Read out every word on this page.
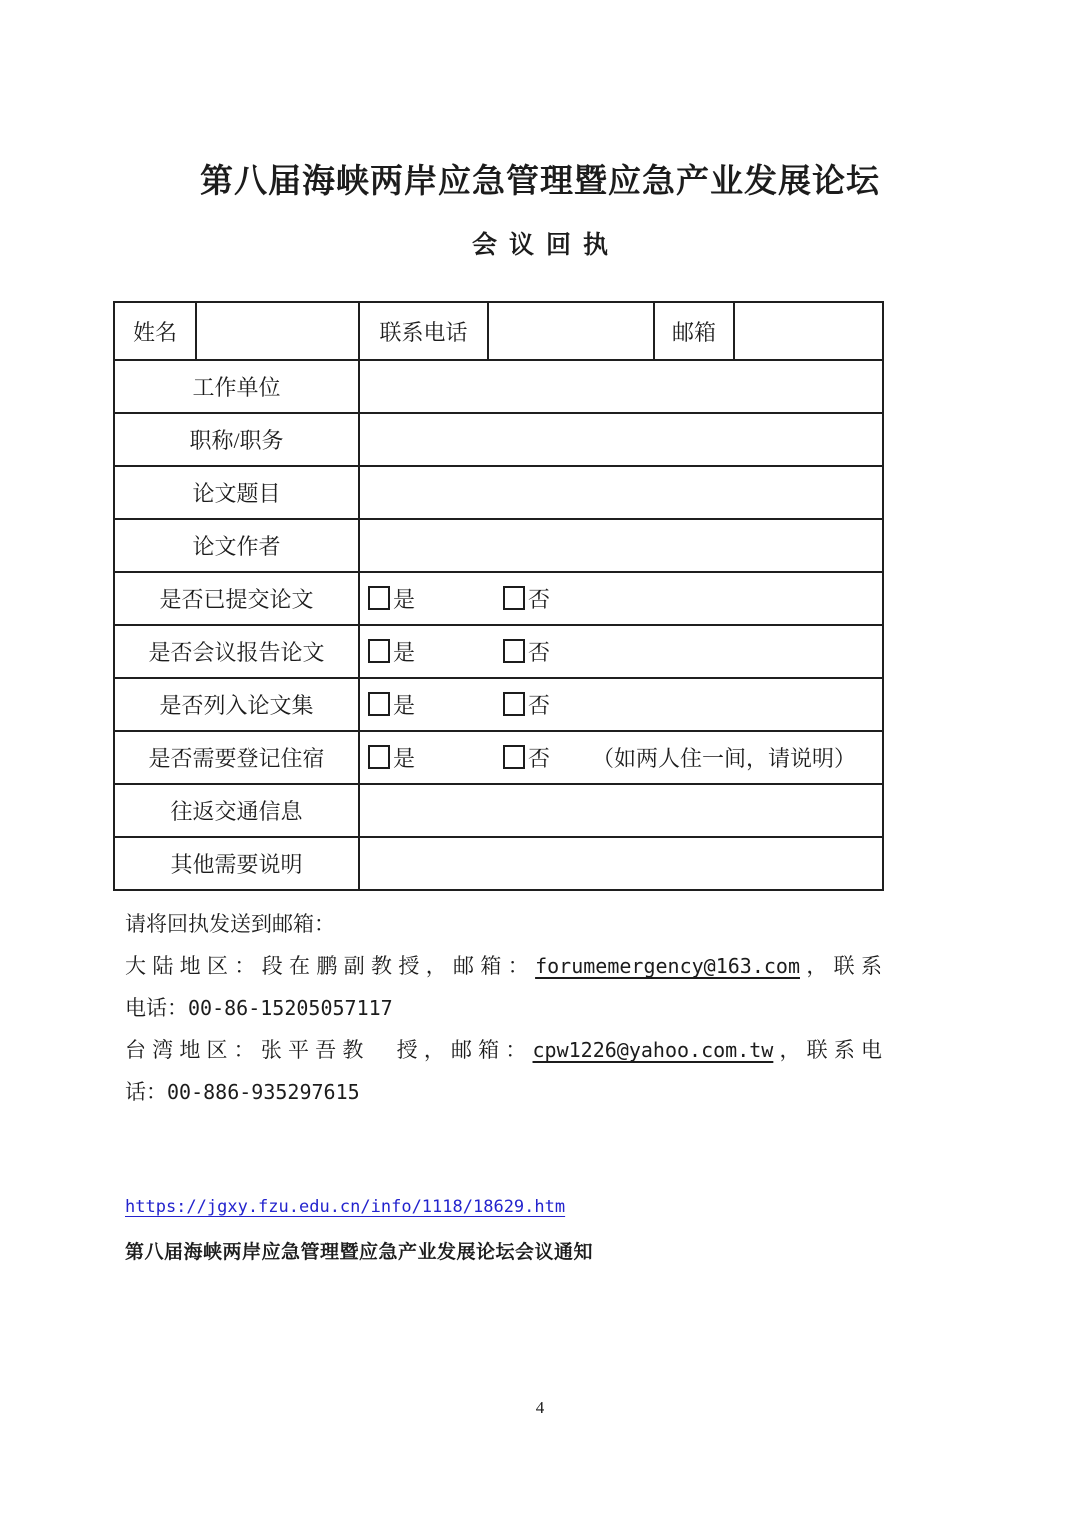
第八届海峡两岸应急管理暨应急产业发展论坛
会议回执
姓名		联系电话		邮箱	
工作单位					
职称/职务					
论文题目					
论文作者					
是否已提交论文		是 否			
是否会议报告论文		是 否			
是否列入论文集		是 否			
是否需要登记住宿		是 否 （如两人住一间，请说明）			
往返交通信息					
其他需要说明					

请将回执发送到邮箱：

大陆地区：段在鹏副教授，邮箱：forumemergency@163.com，联系

电话：00-86-15205057117

台湾地区：张平吾教　授，邮箱：cpw1226@yahoo.com.tw，联系电

话：00-886-935297615

https://jgxy.fzu.edu.cn/info/1118/18629.htm
第八届海峡两岸应急管理暨应急产业发展论坛会议通知
4
